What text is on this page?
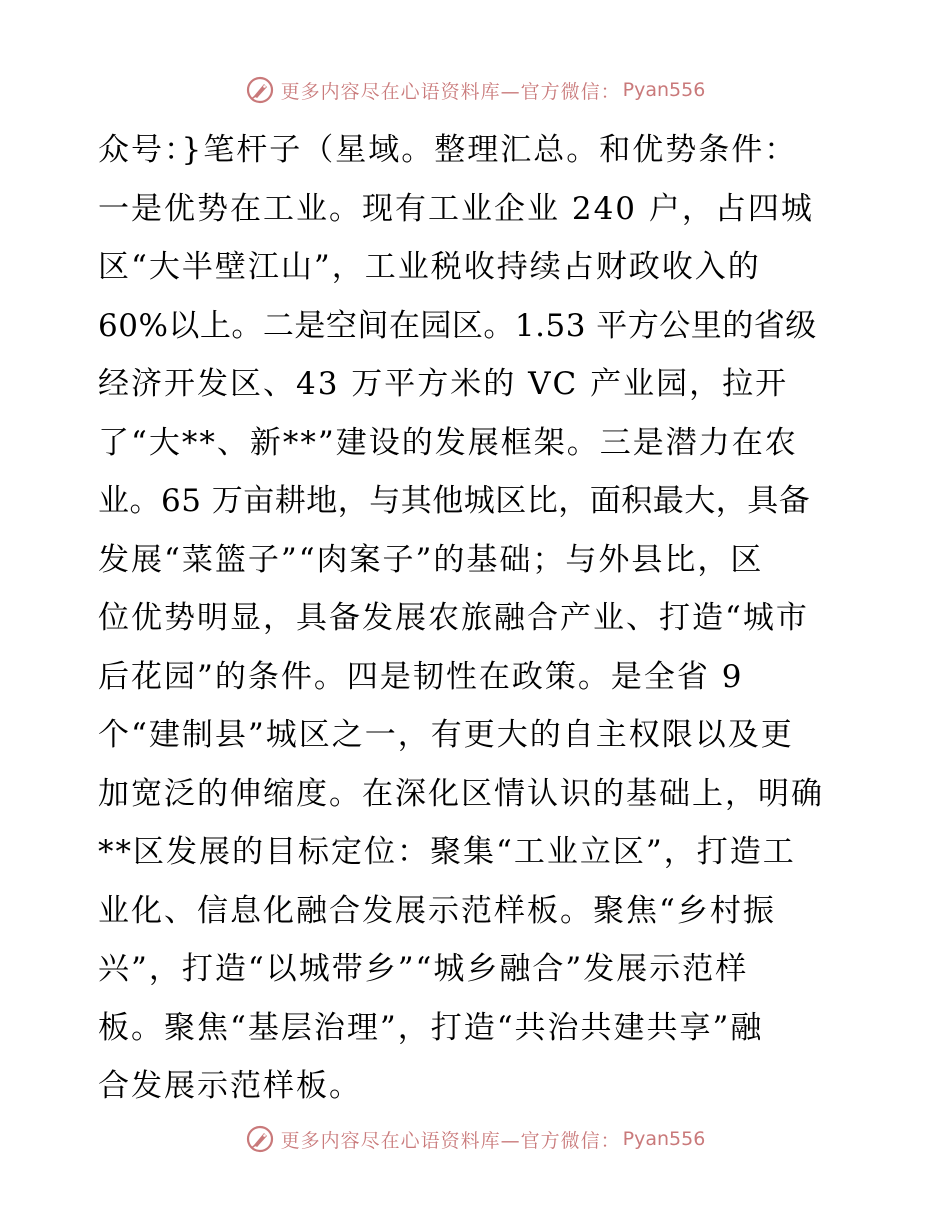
更多内容尽在心语资料库—官方微信： Pyan556
众号：}笔杆子（星域。整理汇总。和优势条件：
一是优势在工业。现有工业企业 240 户，占四城
区“大半壁江山”，工业税收持续占财政收入的
60%以上。二是空间在园区。1.53 平方公里的省级
经济开发区、43 万平方米的 VC 产业园，拉开
了“大**、新**”建设的发展框架。三是潜力在农
业。65 万亩耕地，与其他城区比，面积最大，具备
发展“菜篮子”“肉案子”的基础；与外县比，区
位优势明显，具备发展农旅融合产业、打造“城市
后花园”的条件。四是韧性在政策。是全省 9
个“建制县”城区之一，有更大的自主权限以及更
加宽泛的伸缩度。在深化区情认识的基础上，明确
**区发展的目标定位：聚集“工业立区”，打造工
业化、信息化融合发展示范样板。聚焦“乡村振
兴”，打造“以城带乡”“城乡融合”发展示范样
板。聚焦“基层治理”，打造“共治共建共享”融
合发展示范样板。
更多内容尽在心语资料库—官方微信： Pyan556
